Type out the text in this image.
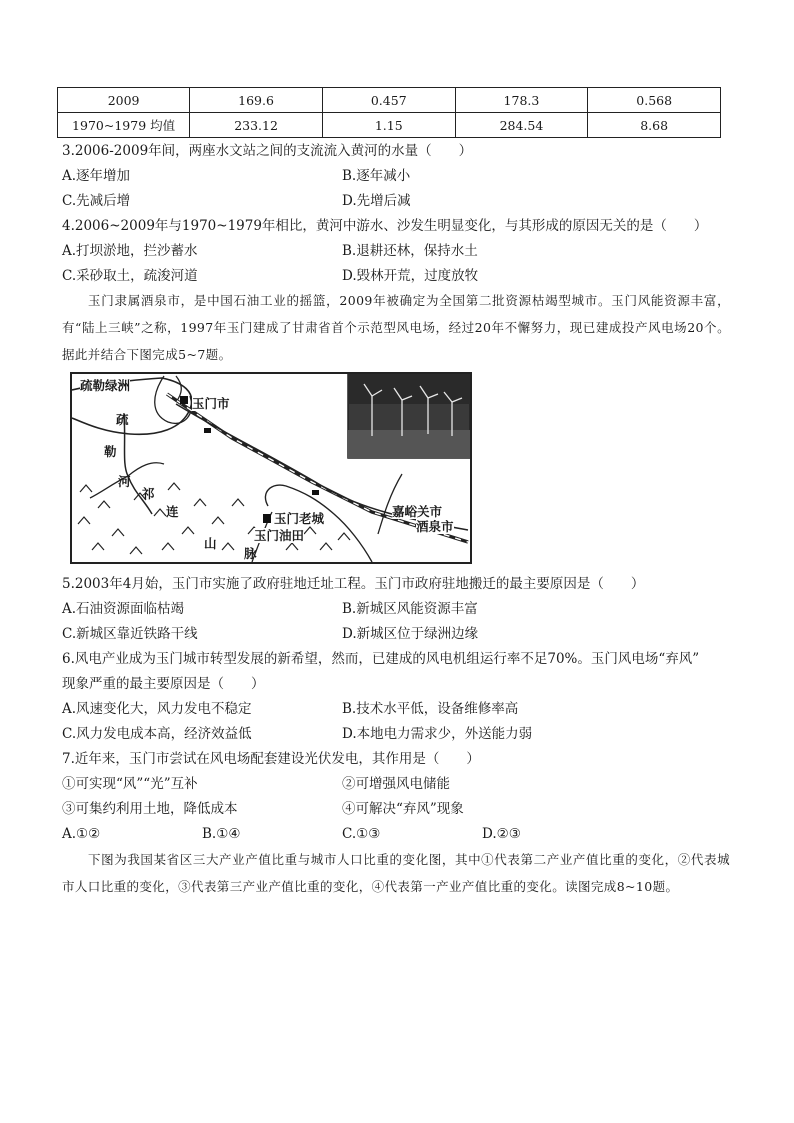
2009	169.6	0.457	178.3	0.568
1970~1979 均值	233.12	1.15	284.54	8.68
3.2006-2009年间，两座水文站之间的支流流入黄河的水量（　　）
A.逐年增加	B.逐年减小
C.先减后增	D.先增后减
4.2006~2009年与1970~1979年相比，黄河中游水、沙发生明显变化，与其形成的原因无关的是（　　）
A.打坝淤地，拦沙蓄水	B.退耕还林，保持水土
C.采砂取土，疏浚河道	D.毁林开荒，过度放牧
玉门隶属酒泉市，是中国石油工业的摇篮，2009年被确定为全国第二批资源枯竭型城市。玉门风能资源丰富，有“陆上三峡”之称，1997年玉门建成了甘肃省首个示范型风电场，经过20年不懈努力，现已建成投产风电场20个。据此并结合下图完成5~7题。
疏勒绿洲
玉门市
疏
勒
河
祁
连
山
脉
玉门老城
玉门油田
嘉峪关市
酒泉市
5.2003年4月始，玉门市实施了政府驻地迁址工程。玉门市政府驻地搬迁的最主要原因是（　　）
A.石油资源面临枯竭	B.新城区风能资源丰富
C.新城区靠近铁路干线	D.新城区位于绿洲边缘
6.风电产业成为玉门城市转型发展的新希望，然而，已建成的风电机组运行率不足70%。玉门风电场“弃风”
现象严重的最主要原因是（　　）
A.风速变化大，风力发电不稳定	B.技术水平低，设备维修率高
C.风力发电成本高，经济效益低	D.本地电力需求少，外送能力弱
7.近年来，玉门市尝试在风电场配套建设光伏发电，其作用是（　　）
①可实现“风”“光”互补	②可增强风电储能
③可集约利用土地，降低成本	④可解决“弃风”现象
A.①②	B.①④	C.①③	D.②③
下图为我国某省区三大产业产值比重与城市人口比重的变化图，其中①代表第二产业产值比重的变化，②代表城市人口比重的变化，③代表第三产业产值比重的变化，④代表第一产业产值比重的变化。读图完成8~10题。
